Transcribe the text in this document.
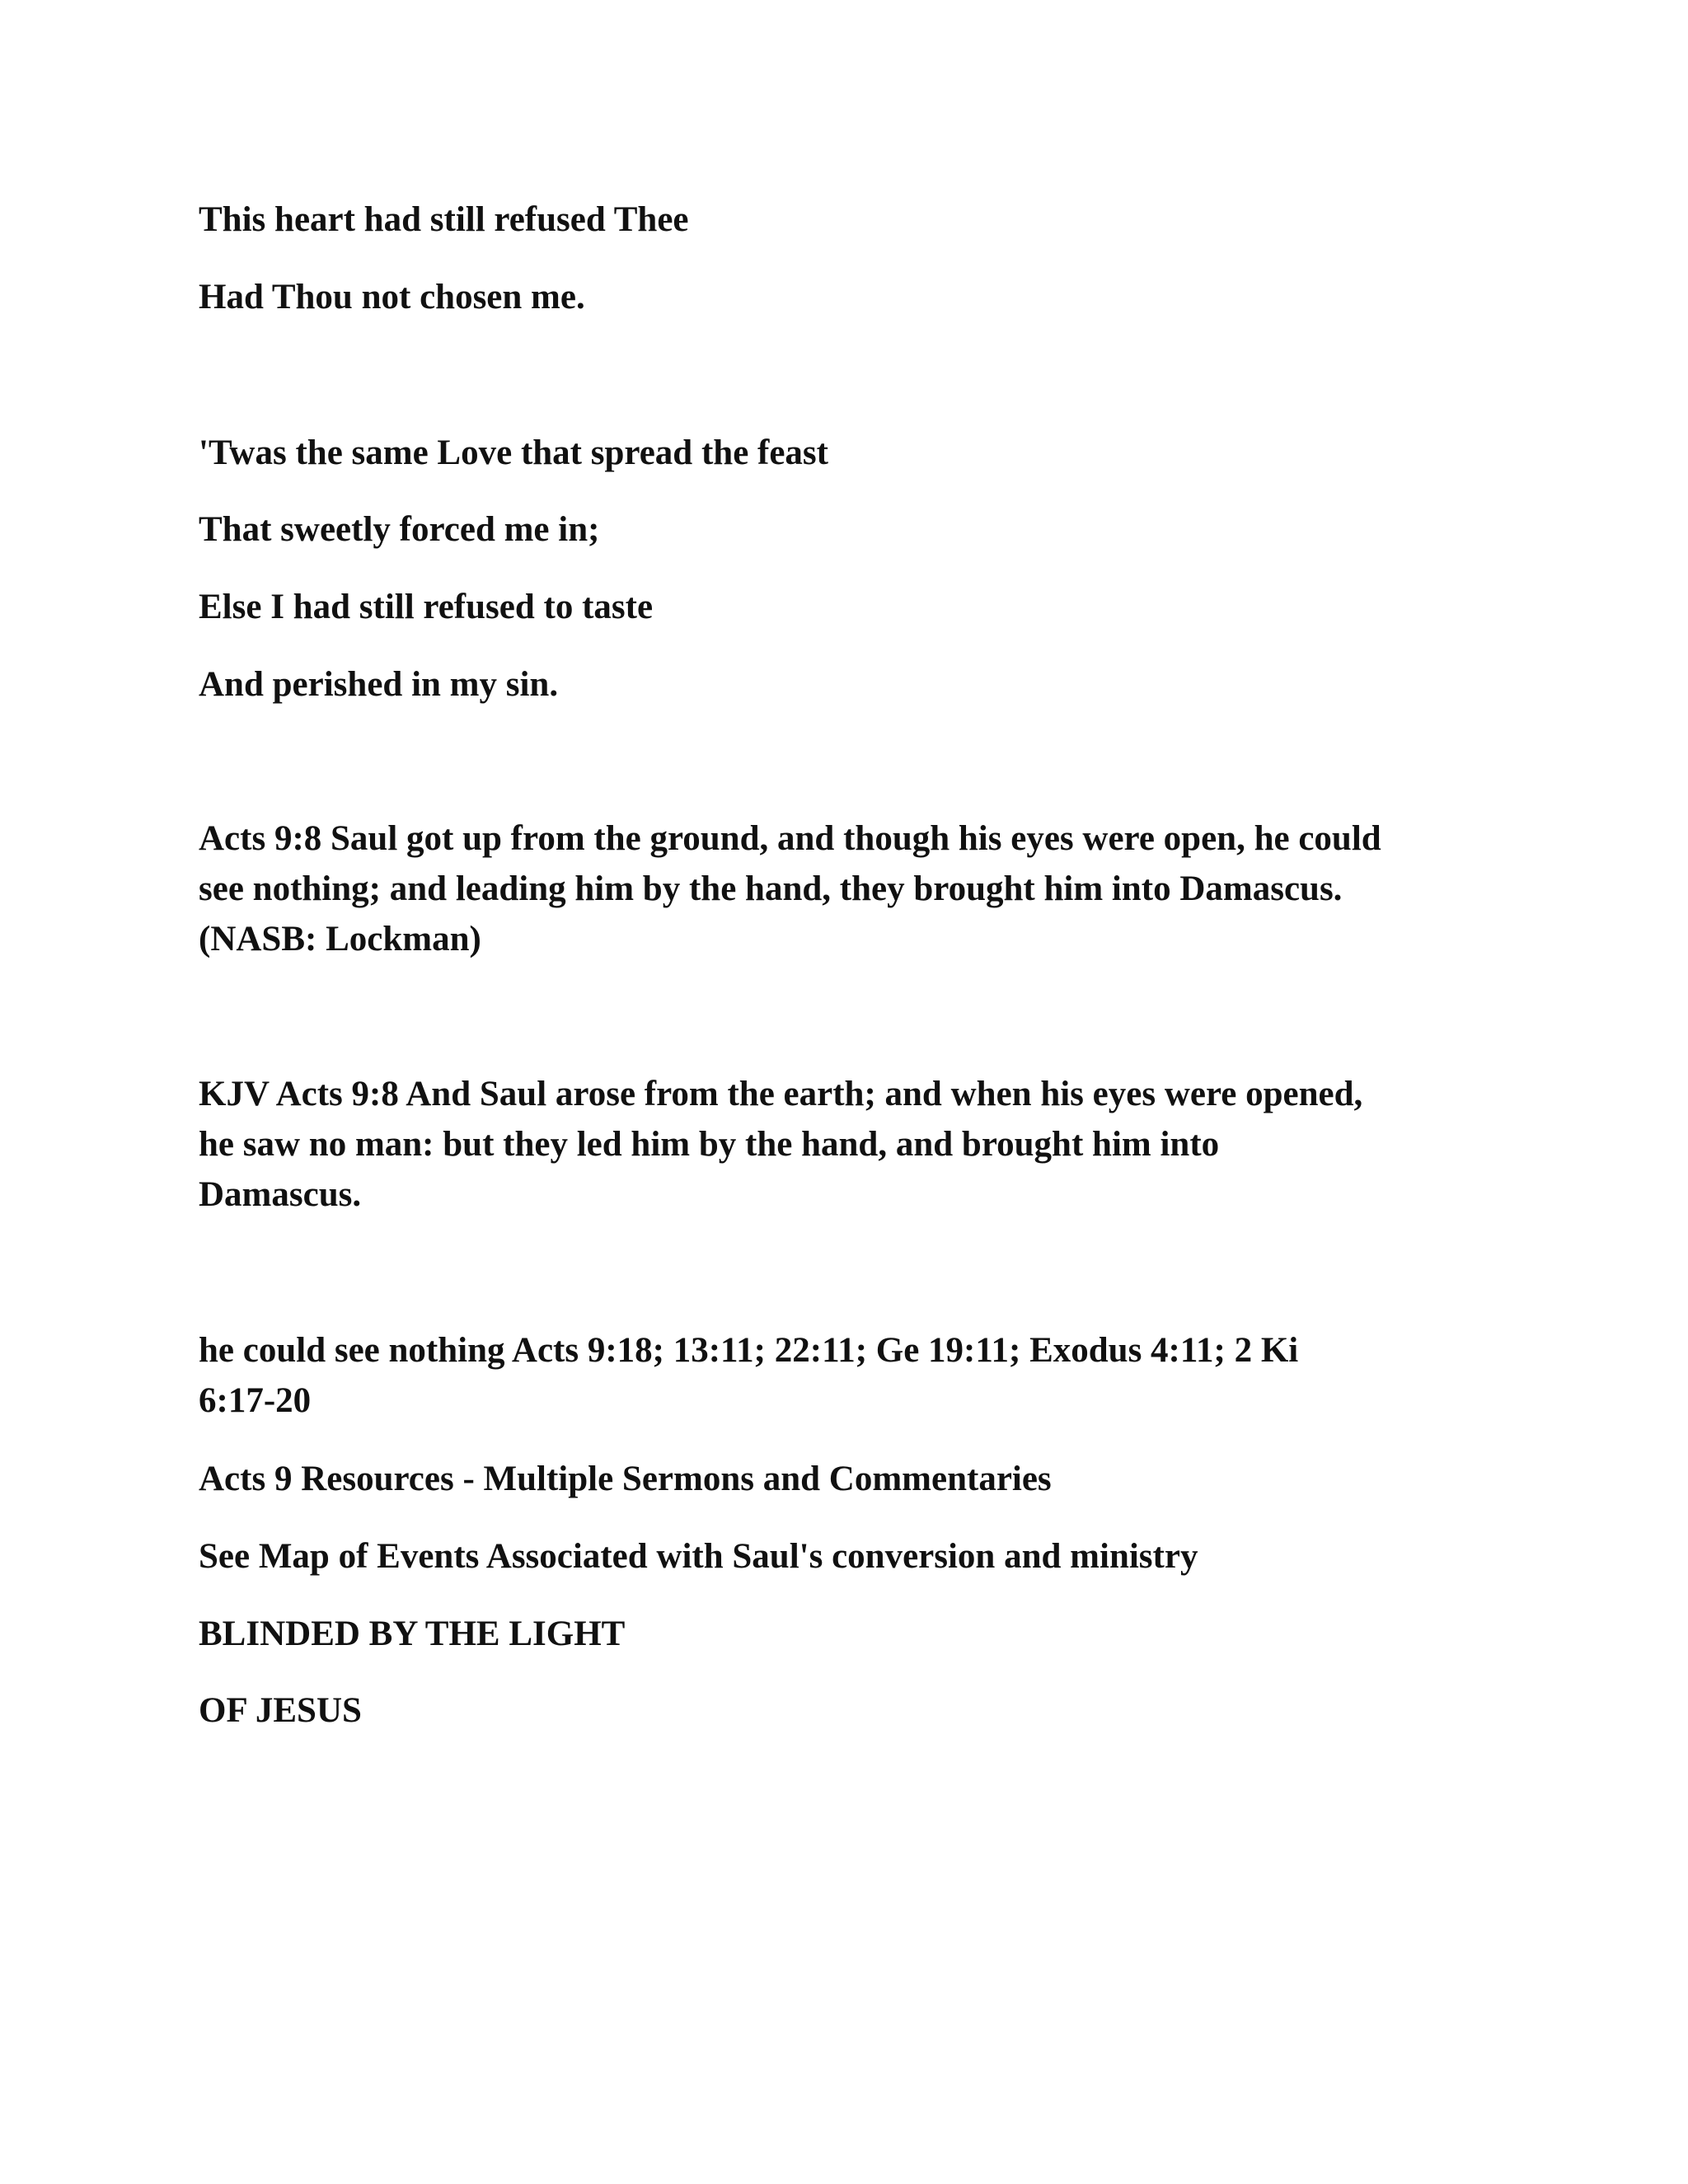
This heart had still refused Thee

Had Thou not chosen me.

'Twas the same Love that spread the feast

That sweetly forced me in;

Else I had still refused to taste

And perished in my sin.

Acts 9:8 Saul got up from the ground, and though his eyes were open, he could
see nothing; and leading him by the hand, they brought him into Damascus.
(NASB: Lockman)
KJV Acts 9:8 And Saul arose from the earth; and when his eyes were opened,
he saw no man: but they led him by the hand, and brought him into
Damascus.
he could see nothing Acts 9:18; 13:11; 22:11; Ge 19:11; Exodus 4:11; 2 Ki
6:17-20

Acts 9 Resources - Multiple Sermons and Commentaries

See Map of Events Associated with Saul's conversion and ministry

BLINDED BY THE LIGHT

OF JESUS
